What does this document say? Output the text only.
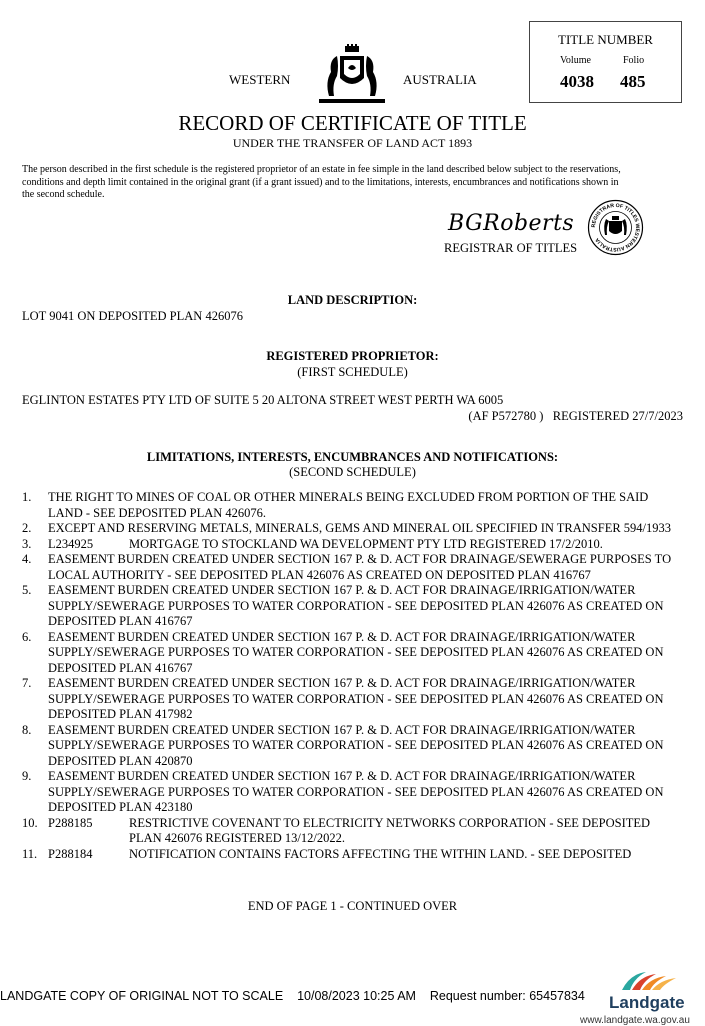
TITLE NUMBER
Volume	Folio
4038 485
WESTERN	AUSTRALIA
RECORD OF CERTIFICATE OF TITLE
UNDER THE TRANSFER OF LAND ACT 1893
The person described in the first schedule is the registered proprietor of an estate in fee simple in the land described below subject to the reservations, conditions and depth limit contained in the original grant (if a grant issued) and to the limitations, interests, encumbrances and notifications shown in the second schedule.
BGRoberts
REGISTRAR OF TITLES
REGISTRAR OF TITLES WESTERN AUSTRALIA
LAND DESCRIPTION:
LOT 9041 ON DEPOSITED PLAN 426076
REGISTERED PROPRIETOR:
(FIRST SCHEDULE)
EGLINTON ESTATES PTY LTD OF SUITE 5 20 ALTONA STREET WEST PERTH WA 6005
(AF P572780 )   REGISTERED 27/7/2023
LIMITATIONS, INTERESTS, ENCUMBRANCES AND NOTIFICATIONS:
(SECOND SCHEDULE)
1. THE RIGHT TO MINES OF COAL OR OTHER MINERALS BEING EXCLUDED FROM PORTION OF THE SAID LAND - SEE DEPOSITED PLAN 426076.
2. EXCEPT AND RESERVING METALS, MINERALS, GEMS AND MINERAL OIL SPECIFIED IN TRANSFER 594/1933
3. L234925	MORTGAGE TO STOCKLAND WA DEVELOPMENT PTY LTD REGISTERED 17/2/2010.
4. EASEMENT BURDEN CREATED UNDER SECTION 167 P. & D. ACT FOR DRAINAGE/SEWERAGE PURPOSES TO LOCAL AUTHORITY - SEE DEPOSITED PLAN 426076 AS CREATED ON DEPOSITED PLAN 416767
5. EASEMENT BURDEN CREATED UNDER SECTION 167 P. & D. ACT FOR DRAINAGE/IRRIGATION/WATER SUPPLY/SEWERAGE PURPOSES TO WATER CORPORATION - SEE DEPOSITED PLAN 426076 AS CREATED ON DEPOSITED PLAN 416767
6. EASEMENT BURDEN CREATED UNDER SECTION 167 P. & D. ACT FOR DRAINAGE/IRRIGATION/WATER SUPPLY/SEWERAGE PURPOSES TO WATER CORPORATION - SEE DEPOSITED PLAN 426076 AS CREATED ON DEPOSITED PLAN 416767
7. EASEMENT BURDEN CREATED UNDER SECTION 167 P. & D. ACT FOR DRAINAGE/IRRIGATION/WATER SUPPLY/SEWERAGE PURPOSES TO WATER CORPORATION - SEE DEPOSITED PLAN 426076 AS CREATED ON DEPOSITED PLAN 417982
8. EASEMENT BURDEN CREATED UNDER SECTION 167 P. & D. ACT FOR DRAINAGE/IRRIGATION/WATER SUPPLY/SEWERAGE PURPOSES TO WATER CORPORATION - SEE DEPOSITED PLAN 426076 AS CREATED ON DEPOSITED PLAN 420870
9. EASEMENT BURDEN CREATED UNDER SECTION 167 P. & D. ACT FOR DRAINAGE/IRRIGATION/WATER SUPPLY/SEWERAGE PURPOSES TO WATER CORPORATION - SEE DEPOSITED PLAN 426076 AS CREATED ON DEPOSITED PLAN 423180
10. P288185	RESTRICTIVE COVENANT TO ELECTRICITY NETWORKS CORPORATION - SEE DEPOSITED PLAN 426076 REGISTERED 13/12/2022.
11. P288184	NOTIFICATION CONTAINS FACTORS AFFECTING THE WITHIN LAND. - SEE DEPOSITED
END OF PAGE 1 - CONTINUED OVER
LANDGATE COPY OF ORIGINAL NOT TO SCALE 10/08/2023 10:25 AM Request number: 65457834 Landgate
www.landgate.wa.gov.au
